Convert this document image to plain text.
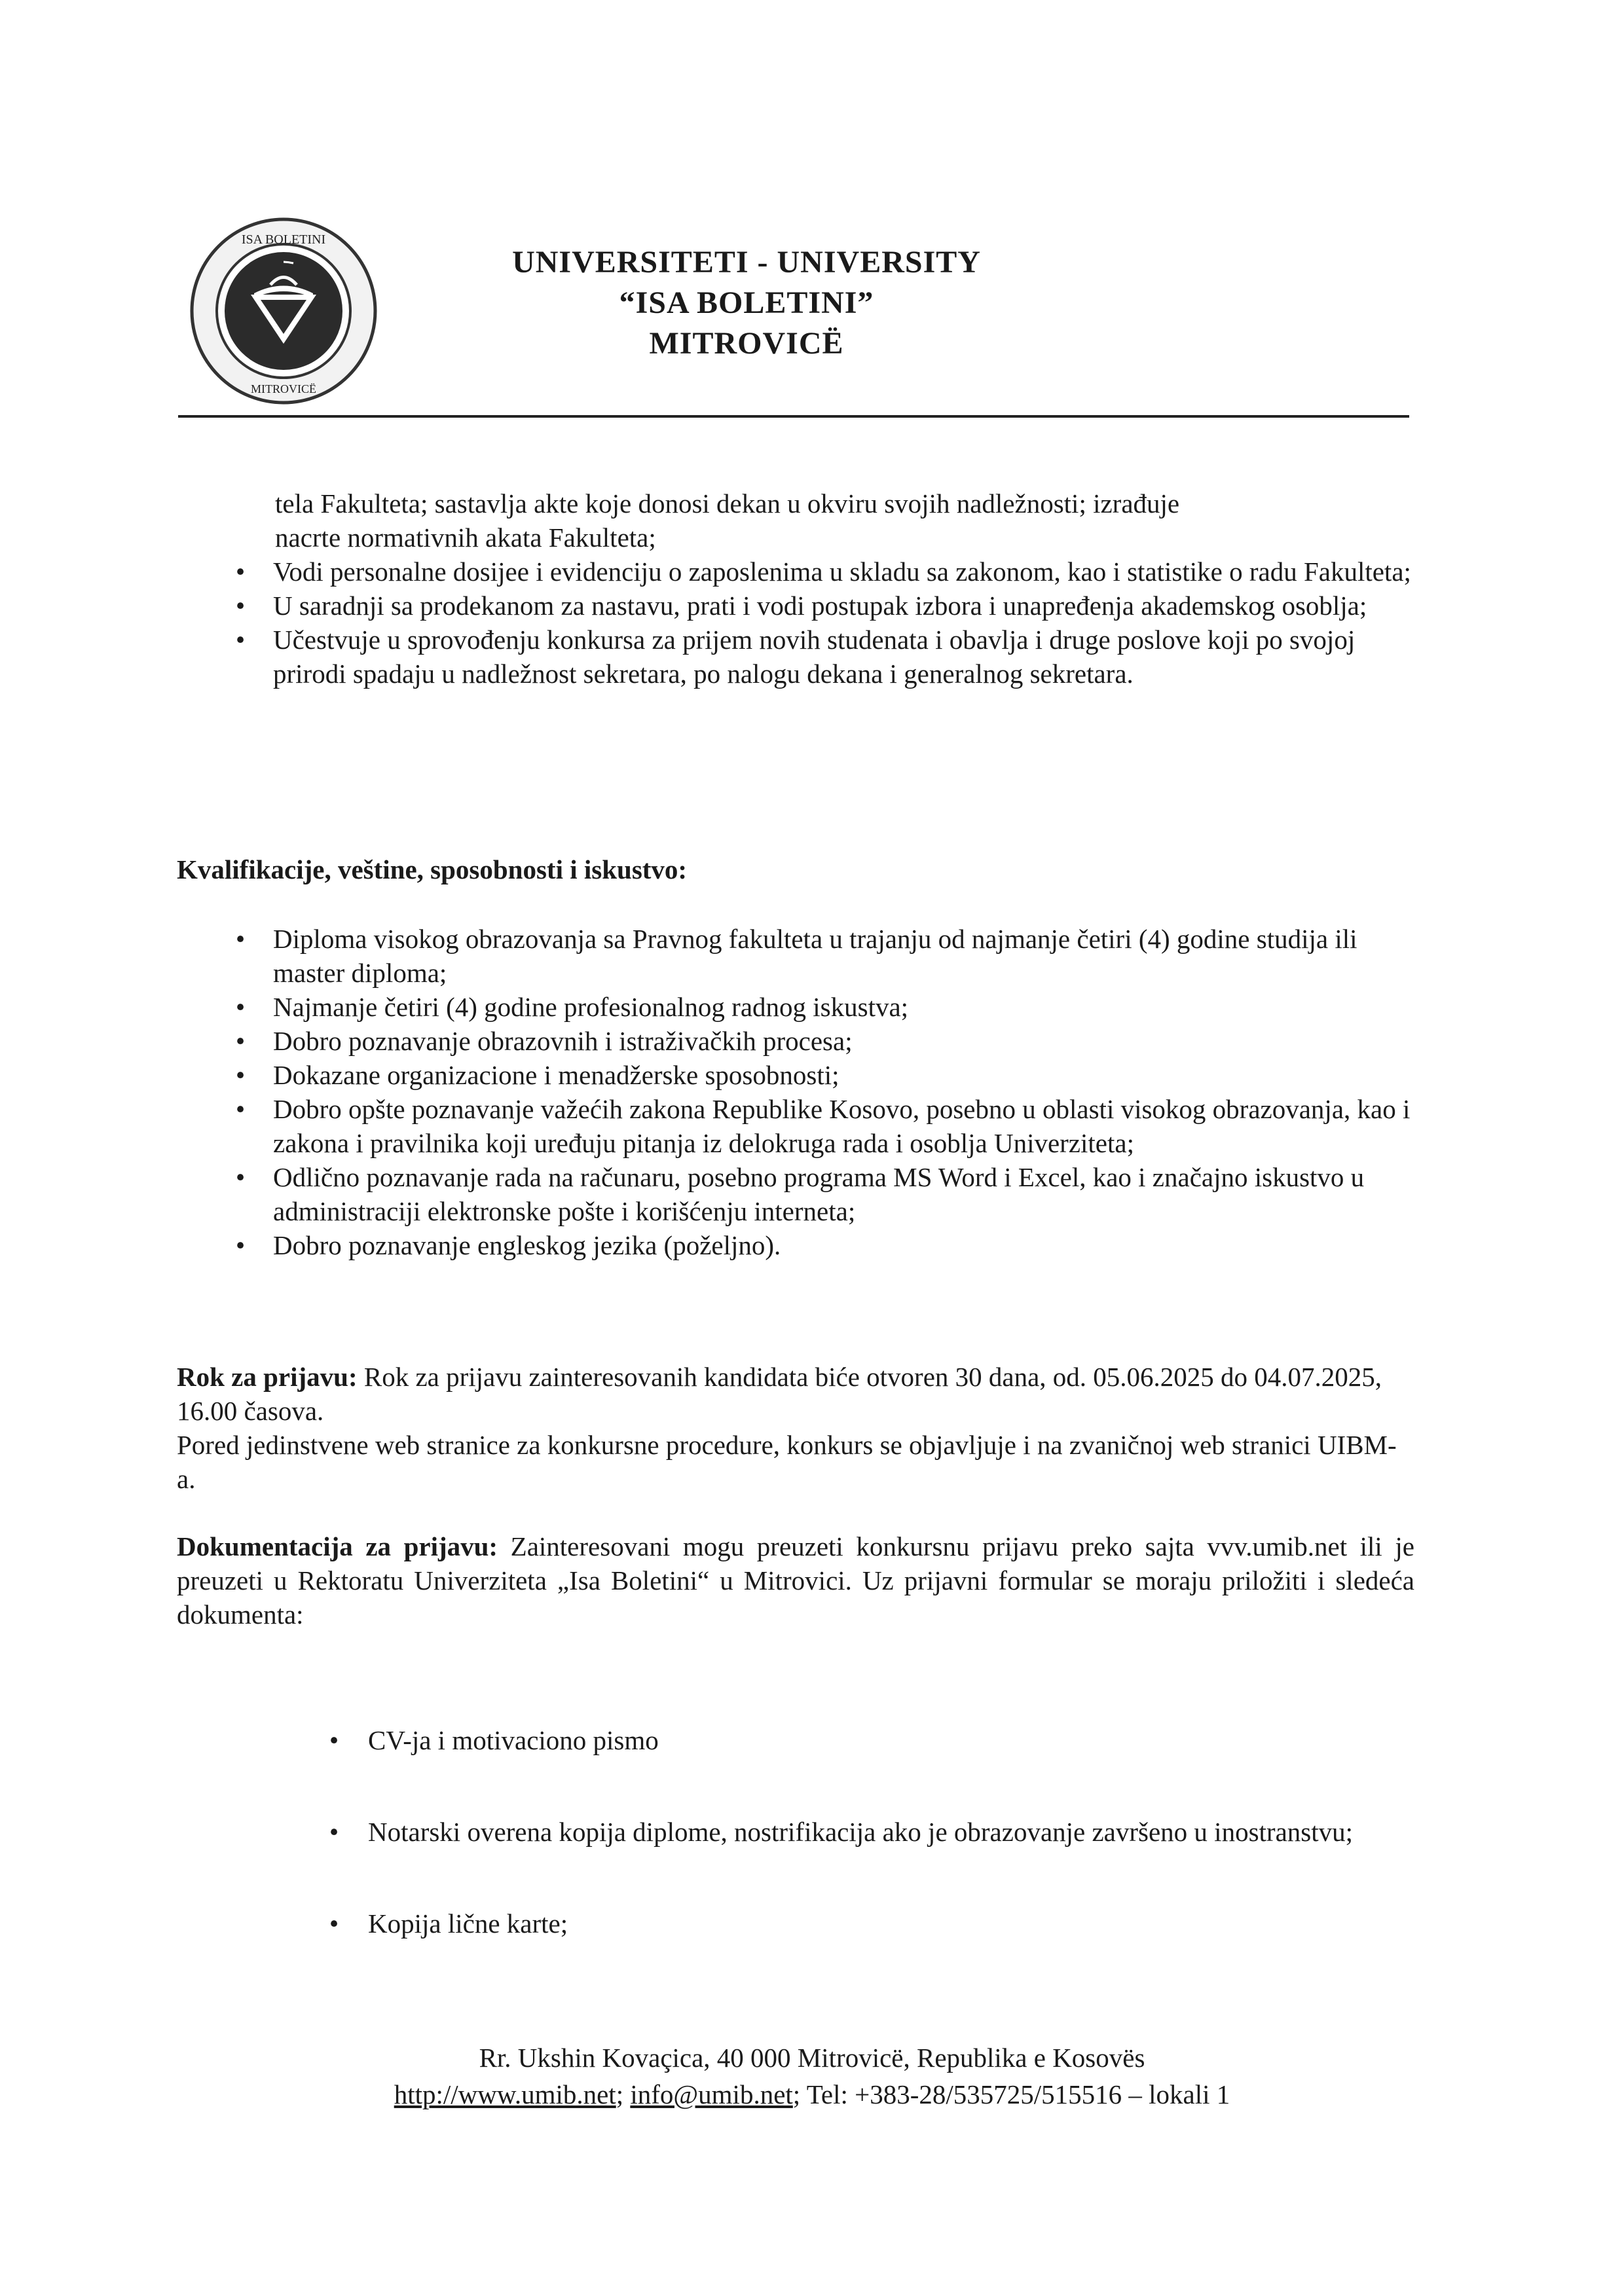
ISA BOLETINI
MITROVICË
UNIVERSITETI - UNIVERSITY
“ISA BOLETINI”
MITROVICË
tela Fakulteta; sastavlja akte koje donosi dekan u okviru svojih nadležnosti; izrađuje
nacrte normativnih akata Fakulteta;
•	Vodi personalne dosijee i evidenciju o zaposlenima u skladu sa zakonom, kao i statistike o radu Fakulteta;
•	U saradnji sa prodekanom za nastavu, prati i vodi postupak izbora i unapređenja akademskog osoblja;
•	Učestvuje u sprovođenju konkursa za prijem novih studenata i obavlja i druge poslove koji po svojoj prirodi spadaju u nadležnost sekretara, po nalogu dekana i generalnog sekretara.
Kvalifikacije, veštine, sposobnosti i iskustvo:
•	Diploma visokog obrazovanja sa Pravnog fakulteta u trajanju od najmanje četiri (4) godine studija ili master diploma;
•	Najmanje četiri (4) godine profesionalnog radnog iskustva;
•	Dobro poznavanje obrazovnih i istraživačkih procesa;
•	Dokazane organizacione i menadžerske sposobnosti;
•	Dobro opšte poznavanje važećih zakona Republike Kosovo, posebno u oblasti visokog obrazovanja, kao i zakona i pravilnika koji uređuju pitanja iz delokruga rada i osoblja Univerziteta;
•	Odlično poznavanje rada na računaru, posebno programa MS Word i Excel, kao i značajno iskustvo u administraciji elektronske pošte i korišćenju interneta;
•	Dobro poznavanje engleskog jezika (poželjno).

Rok za prijavu: Rok za prijavu zainteresovanih kandidata biće otvoren 30 dana, od. 05.06.2025 do 04.07.2025, 16.00 časova.

Pored jedinstvene web stranice za konkursne procedure, konkurs se objavljuje i na zvaničnoj web stranici UIBM-a.

Dokumentacija za prijavu: Zainteresovani mogu preuzeti konkursnu prijavu preko sajta vvv.umib.net ili je preuzeti u Rektoratu Univerziteta „Isa Boletini“ u Mitrovici. Uz prijavni formular se moraju priložiti i sledeća dokumenta:

•	CV-ja i motivaciono pismo
•	Notarski overena kopija diplome, nostrifikacija ako je obrazovanje završeno u inostranstvu;
•	Kopija lične karte;
Rr. Ukshin Kovaçica, 40 000 Mitrovicë, Republika e Kosovës
http://www.umib.net; info@umib.net; Tel: +383-28/535725/515516 – lokali 1
